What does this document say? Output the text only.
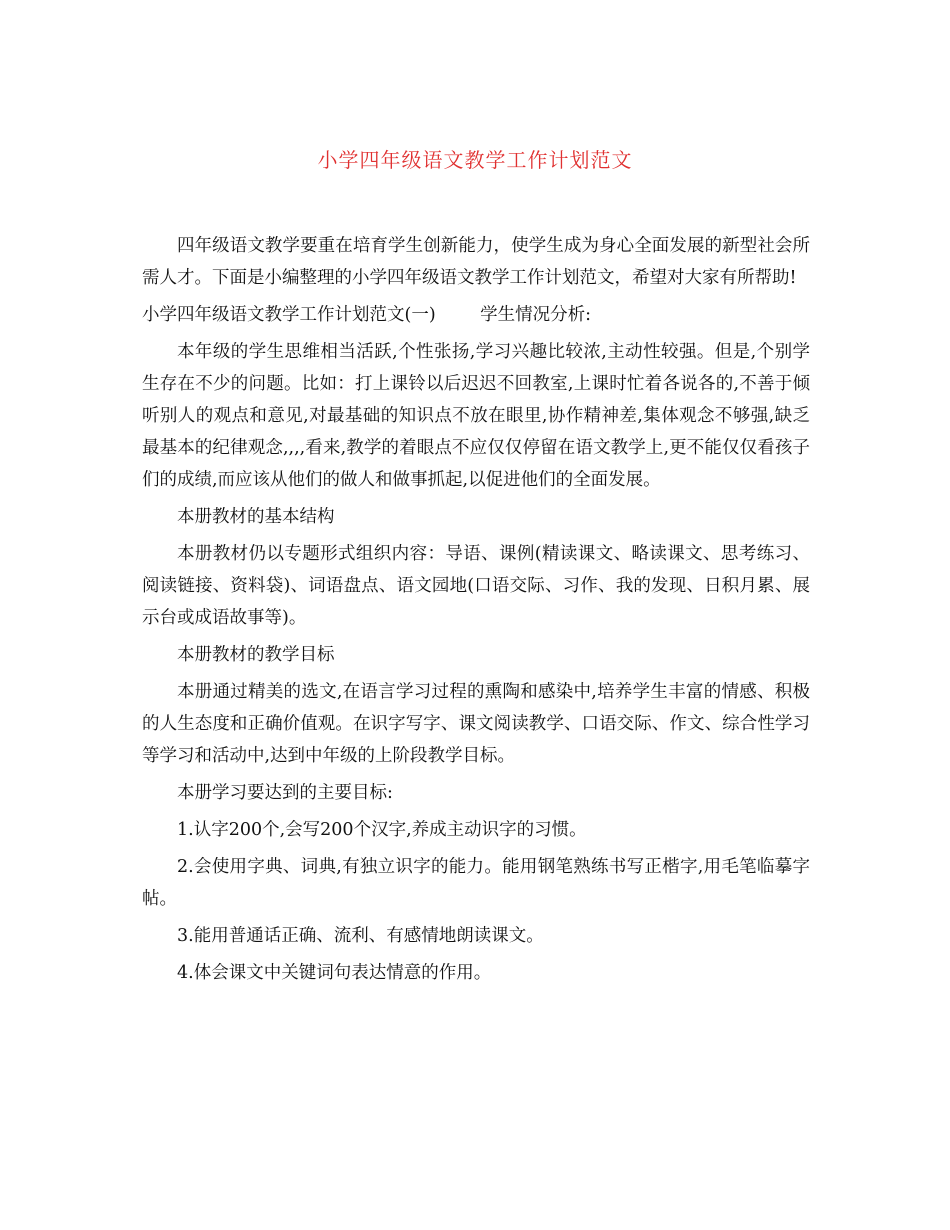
小学四年级语文教学工作计划范文

四年级语文教学要重在培育学生创新能力，使学生成为身心全面发展的新型社会所需人才。下面是小编整理的小学四年级语文教学工作计划范文，希望对大家有所帮助!

小学四年级语文教学工作计划范文(一)        学生情况分析:

本年级的学生思维相当活跃,个性张扬,学习兴趣比较浓,主动性较强。但是,个别学生存在不少的问题。比如：打上课铃以后迟迟不回教室,上课时忙着各说各的,不善于倾听别人的观点和意见,对最基础的知识点不放在眼里,协作精神差,集体观念不够强,缺乏最基本的纪律观念,,,,看来,教学的着眼点不应仅仅停留在语文教学上,更不能仅仅看孩子们的成绩,而应该从他们的做人和做事抓起,以促进他们的全面发展。

本册教材的基本结构

本册教材仍以专题形式组织内容：导语、课例(精读课文、略读课文、思考练习、阅读链接、资料袋)、词语盘点、语文园地(口语交际、习作、我的发现、日积月累、展示台或成语故事等)。

本册教材的教学目标

本册通过精美的选文,在语言学习过程的熏陶和感染中,培养学生丰富的情感、积极的人生态度和正确价值观。在识字写字、课文阅读教学、口语交际、作文、综合性学习等学习和活动中,达到中年级的上阶段教学目标。

本册学习要达到的主要目标:

1.认字200个,会写200个汉字,养成主动识字的习惯。

2.会使用字典、词典,有独立识字的能力。能用钢笔熟练书写正楷字,用毛笔临摹字帖。

3.能用普通话正确、流利、有感情地朗读课文。

4.体会课文中关键词句表达情意的作用。
